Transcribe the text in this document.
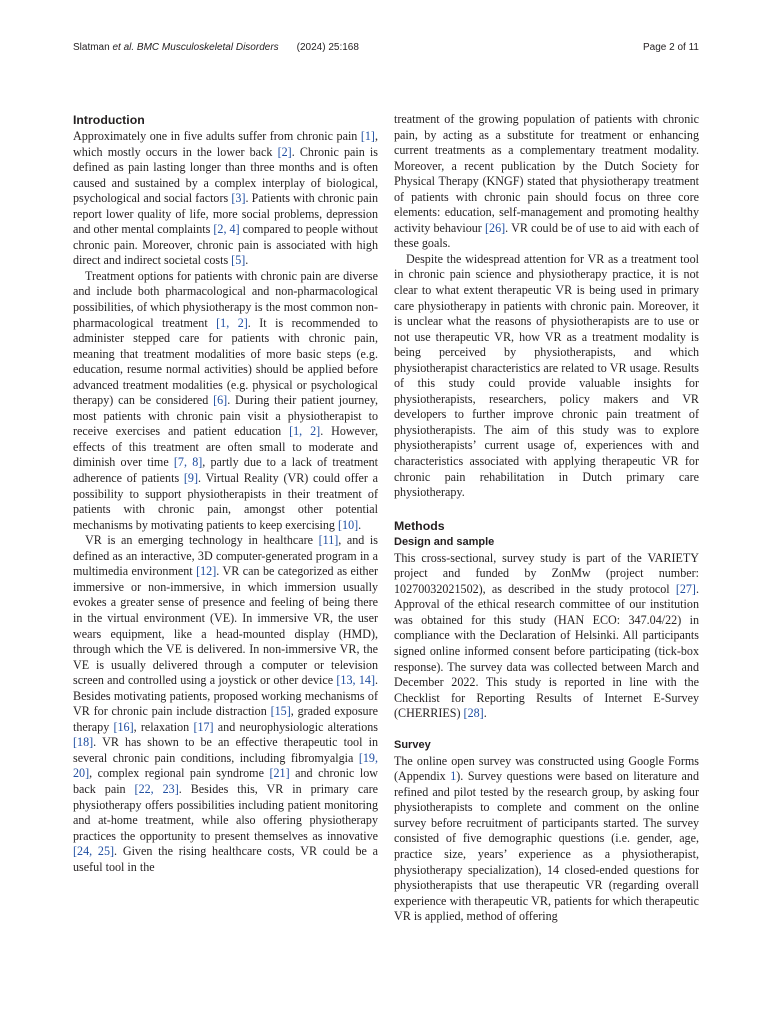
Slatman et al. BMC Musculoskeletal Disorders (2024) 25:168	Page 2 of 11
Introduction

Approximately one in five adults suffer from chronic pain [1], which mostly occurs in the lower back [2]. Chronic pain is defined as pain lasting longer than three months and is often caused and sustained by a complex interplay of biological, psychological and social factors [3]. Patients with chronic pain report lower quality of life, more social problems, depression and other mental complaints [2, 4] compared to people without chronic pain. Moreover, chronic pain is associated with high direct and indirect societal costs [5].

Treatment options for patients with chronic pain are diverse and include both pharmacological and non-pharmacological possibilities, of which physiotherapy is the most common non-pharmacological treatment [1, 2]. It is recommended to administer stepped care for patients with chronic pain, meaning that treatment modalities of more basic steps (e.g. education, resume normal activities) should be applied before advanced treatment modalities (e.g. physical or psychological therapy) can be considered [6]. During their patient journey, most patients with chronic pain visit a physiotherapist to receive exercises and patient education [1, 2]. However, effects of this treatment are often small to moderate and diminish over time [7, 8], partly due to a lack of treatment adherence of patients [9]. Virtual Reality (VR) could offer a possibility to support physiotherapists in their treatment of patients with chronic pain, amongst other potential mechanisms by motivating patients to keep exercising [10].

VR is an emerging technology in healthcare [11], and is defined as an interactive, 3D computer-generated program in a multimedia environment [12]. VR can be categorized as either immersive or non-immersive, in which immersion usually evokes a greater sense of presence and feeling of being there in the virtual environment (VE). In immersive VR, the user wears equipment, like a head-mounted display (HMD), through which the VE is delivered. In non-immersive VR, the VE is usually delivered through a computer or television screen and controlled using a joystick or other device [13, 14]. Besides motivating patients, proposed working mechanisms of VR for chronic pain include distraction [15], graded exposure therapy [16], relaxation [17] and neurophysiologic alterations [18]. VR has shown to be an effective therapeutic tool in several chronic pain conditions, including fibromyalgia [19, 20], complex regional pain syndrome [21] and chronic low back pain [22, 23]. Besides this, VR in primary care physiotherapy offers possibilities including patient monitoring and at-home treatment, while also offering physiotherapy practices the opportunity to present themselves as innovative [24, 25]. Given the rising healthcare costs, VR could be a useful tool in the

treatment of the growing population of patients with chronic pain, by acting as a substitute for treatment or enhancing current treatments as a complementary treatment modality. Moreover, a recent publication by the Dutch Society for Physical Therapy (KNGF) stated that physiotherapy treatment of patients with chronic pain should focus on three core elements: education, self-management and promoting healthy activity behaviour [26]. VR could be of use to aid with each of these goals.

Despite the widespread attention for VR as a treatment tool in chronic pain science and physiotherapy practice, it is not clear to what extent therapeutic VR is being used in primary care physiotherapy in patients with chronic pain. Moreover, it is unclear what the reasons of physiotherapists are to use or not use therapeutic VR, how VR as a treatment modality is being perceived by physiotherapists, and which physiotherapist characteristics are related to VR usage. Results of this study could provide valuable insights for physiotherapists, researchers, policy makers and VR developers to further improve chronic pain treatment of physiotherapists. The aim of this study was to explore physiotherapists’ current usage of, experiences with and characteristics associated with applying therapeutic VR for chronic pain rehabilitation in Dutch primary care physiotherapy.

Methods
Design and sample

This cross-sectional, survey study is part of the VARIETY project and funded by ZonMw (project number: 10270032021502), as described in the study protocol [27]. Approval of the ethical research committee of our institution was obtained for this study (HAN ECO: 347.04/22) in compliance with the Declaration of Helsinki. All participants signed online informed consent before participating (tick-box response). The survey data was collected between March and December 2022. This study is reported in line with the Checklist for Reporting Results of Internet E-Survey (CHERRIES) [28].

Survey

The online open survey was constructed using Google Forms (Appendix 1). Survey questions were based on literature and refined and pilot tested by the research group, by asking four physiotherapists to complete and comment on the online survey before recruitment of participants started. The survey consisted of five demographic questions (i.e. gender, age, practice size, years’ experience as a physiotherapist, physiotherapy specialization), 14 closed-ended questions for physiotherapists that use therapeutic VR (regarding overall experience with therapeutic VR, patients for which therapeutic VR is applied, method of offering
